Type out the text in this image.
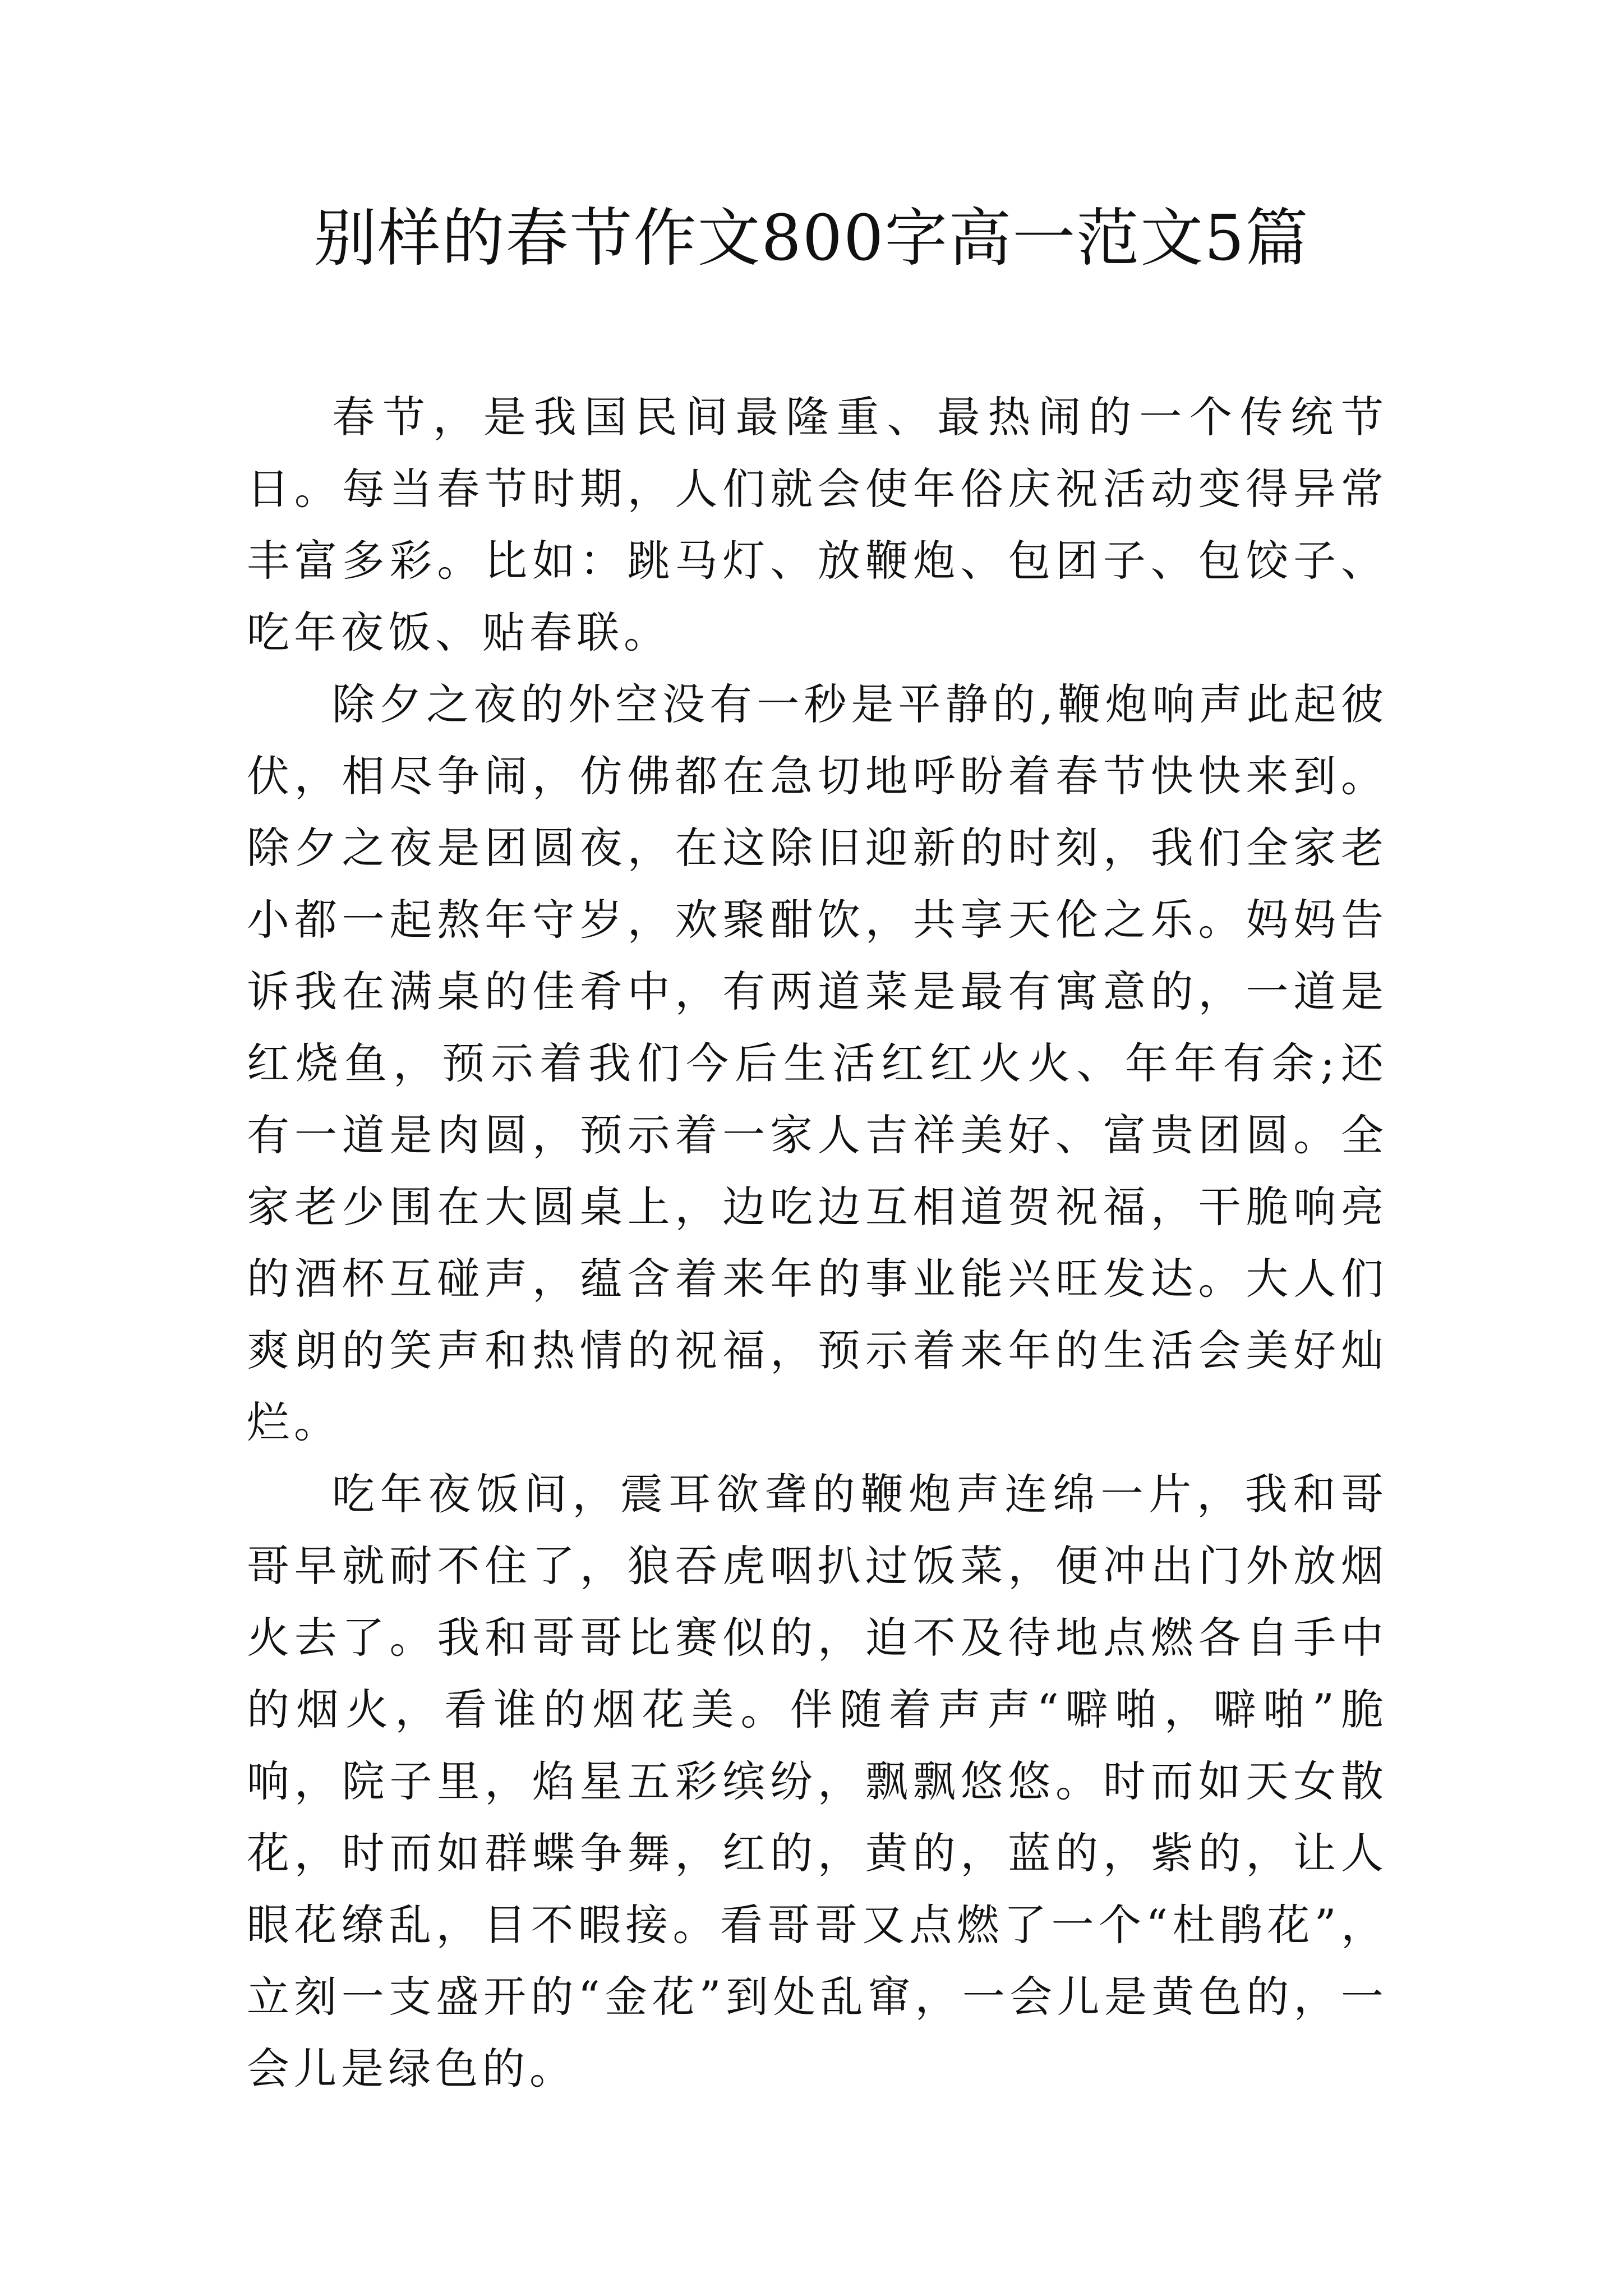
别样的春节作文800字高一范文5篇

春节，是我国民间最隆重、最热闹的一个传统节日。每当春节时期，人们就会使年俗庆祝活动变得异常丰富多彩。比如：跳马灯、放鞭炮、包团子、包饺子、吃年夜饭、贴春联。

除夕之夜的外空没有一秒是平静的,鞭炮响声此起彼伏，相尽争闹，仿佛都在急切地呼盼着春节快快来到。除夕之夜是团圆夜，在这除旧迎新的时刻，我们全家老小都一起熬年守岁，欢聚酣饮，共享天伦之乐。妈妈告诉我在满桌的佳肴中，有两道菜是最有寓意的，一道是红烧鱼，预示着我们今后生活红红火火、年年有余;还有一道是肉圆，预示着一家人吉祥美好、富贵团圆。全家老少围在大圆桌上，边吃边互相道贺祝福，干脆响亮的酒杯互碰声，蕴含着来年的事业能兴旺发达。大人们爽朗的笑声和热情的祝福，预示着来年的生活会美好灿烂。

吃年夜饭间，震耳欲聋的鞭炮声连绵一片，我和哥哥早就耐不住了，狼吞虎咽扒过饭菜，便冲出门外放烟火去了。我和哥哥比赛似的，迫不及待地点燃各自手中的烟火，看谁的烟花美。伴随着声声“噼啪，噼啪”脆响，院子里，焰星五彩缤纷，飘飘悠悠。时而如天女散花，时而如群蝶争舞，红的，黄的，蓝的，紫的，让人眼花缭乱，目不暇接。看哥哥又点燃了一个“杜鹃花”，立刻一支盛开的“金花”到处乱窜，一会儿是黄色的，一会儿是绿色的。
